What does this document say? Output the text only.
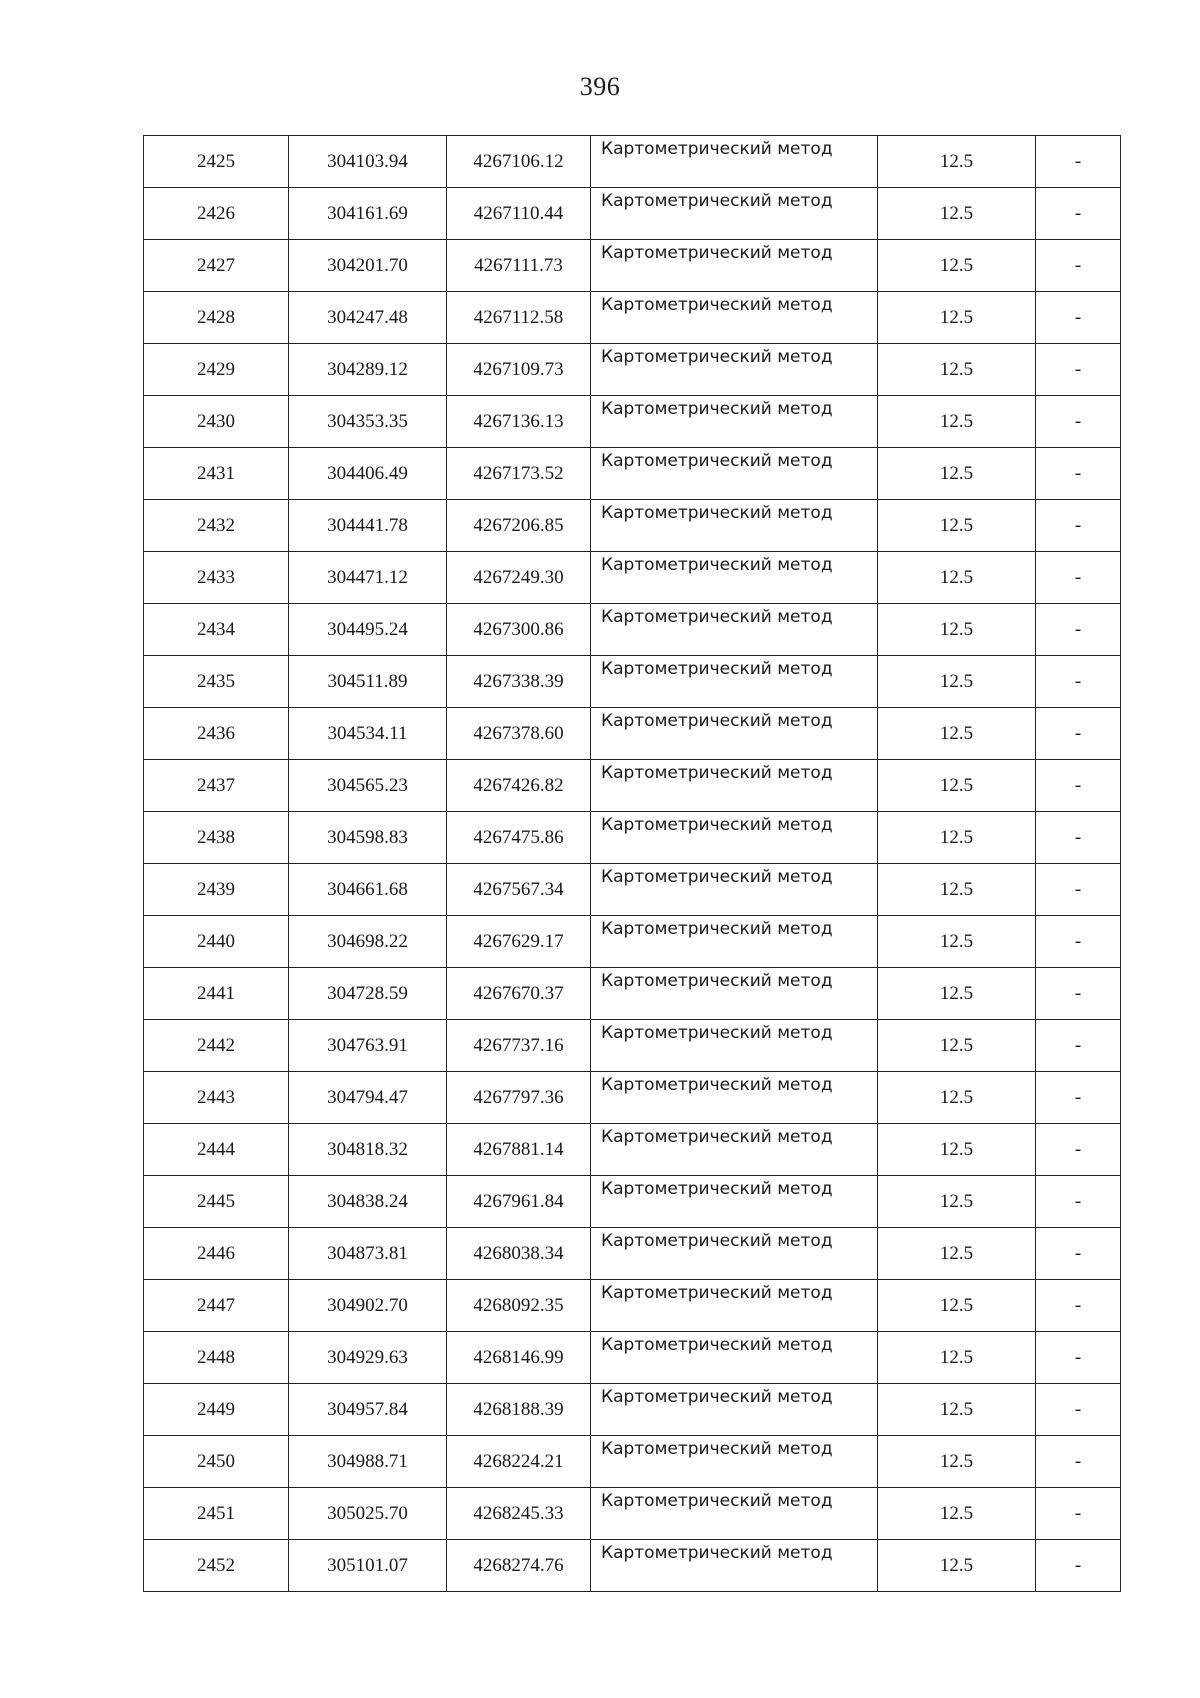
396
2425	304103.94	4267106.12	Картометрический метод	12.5	-
2426	304161.69	4267110.44	Картометрический метод	12.5	-
2427	304201.70	4267111.73	Картометрический метод	12.5	-
2428	304247.48	4267112.58	Картометрический метод	12.5	-
2429	304289.12	4267109.73	Картометрический метод	12.5	-
2430	304353.35	4267136.13	Картометрический метод	12.5	-
2431	304406.49	4267173.52	Картометрический метод	12.5	-
2432	304441.78	4267206.85	Картометрический метод	12.5	-
2433	304471.12	4267249.30	Картометрический метод	12.5	-
2434	304495.24	4267300.86	Картометрический метод	12.5	-
2435	304511.89	4267338.39	Картометрический метод	12.5	-
2436	304534.11	4267378.60	Картометрический метод	12.5	-
2437	304565.23	4267426.82	Картометрический метод	12.5	-
2438	304598.83	4267475.86	Картометрический метод	12.5	-
2439	304661.68	4267567.34	Картометрический метод	12.5	-
2440	304698.22	4267629.17	Картометрический метод	12.5	-
2441	304728.59	4267670.37	Картометрический метод	12.5	-
2442	304763.91	4267737.16	Картометрический метод	12.5	-
2443	304794.47	4267797.36	Картометрический метод	12.5	-
2444	304818.32	4267881.14	Картометрический метод	12.5	-
2445	304838.24	4267961.84	Картометрический метод	12.5	-
2446	304873.81	4268038.34	Картометрический метод	12.5	-
2447	304902.70	4268092.35	Картометрический метод	12.5	-
2448	304929.63	4268146.99	Картометрический метод	12.5	-
2449	304957.84	4268188.39	Картометрический метод	12.5	-
2450	304988.71	4268224.21	Картометрический метод	12.5	-
2451	305025.70	4268245.33	Картометрический метод	12.5	-
2452	305101.07	4268274.76	Картометрический метод	12.5	-
